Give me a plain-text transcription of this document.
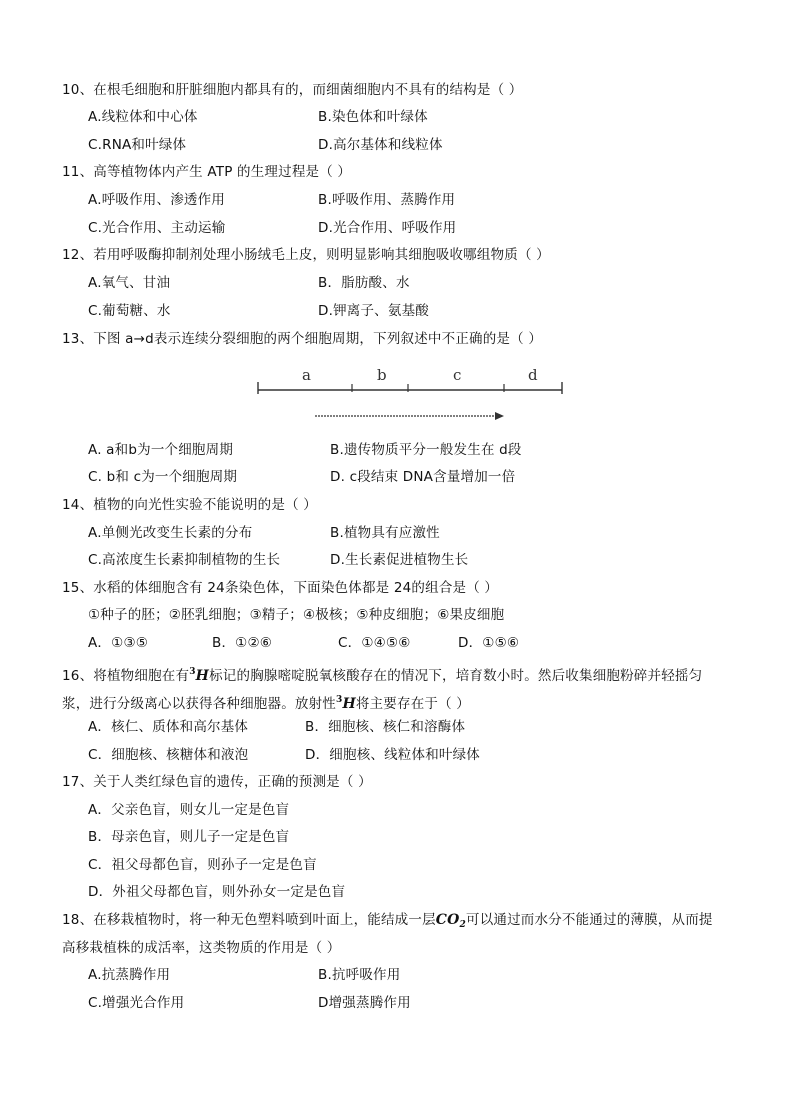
10、在根毛细胞和肝脏细胞内都具有的，而细菌细胞内不具有的结构是（ ）
A.线粒体和中心体	B.染色体和叶绿体
C.RNA和叶绿体	D.高尔基体和线粒体
11、高等植物体内产生 ATP 的生理过程是（ ）
A.呼吸作用、渗透作用	B.呼吸作用、蒸腾作用
C.光合作用、主动运输	D.光合作用、呼吸作用
12、若用呼吸酶抑制剂处理小肠绒毛上皮，则明显影响其细胞吸收哪组物质（ ）
A.氧气、甘油	B．脂肪酸、水
C.葡萄糖、水	D.钾离子、氨基酸
13、下图 a→d表示连续分裂细胞的两个细胞周期，下列叙述中不正确的是（ ）
a	b	c	d
A. a和b为一个细胞周期	B.遗传物质平分一般发生在 d段
C. b和 c为一个细胞周期	D. c段结束 DNA含量增加一倍
14、植物的向光性实验不能说明的是（ ）
A.单侧光改变生长素的分布	B.植物具有应激性
C.高浓度生长素抑制植物的生长	D.生长素促进植物生长
15、水稻的体细胞含有 24条染色体，下面染色体都是 24的组合是（ ）
①种子的胚；②胚乳细胞；③精子；④极核；⑤种皮细胞；⑥果皮细胞
A．①③⑤	B．①②⑥	C．①④⑤⑥	D．①⑤⑥
16、将植物细胞在有$^3$H标记的胸腺嘧啶脱氧核酸存在的情况下，培育数小时。然后收集细胞粉碎并轻摇匀
浆，进行分级离心以获得各种细胞器。放射性$^3$H将主要存在于（ ）
A．核仁、质体和高尔基体	B．细胞核、核仁和溶酶体
C．细胞核、核糖体和液泡	D．细胞核、线粒体和叶绿体
17、关于人类红绿色盲的遗传，正确的预测是（ ）
A．父亲色盲，则女儿一定是色盲
B．母亲色盲，则儿子一定是色盲
C．祖父母都色盲，则孙子一定是色盲
D．外祖父母都色盲，则外孙女一定是色盲
18、在移栽植物时，将一种无色塑料喷到叶面上，能结成一层$CO_2$可以通过而水分不能通过的薄膜，从而提
高移栽植株的成活率，这类物质的作用是（ ）
A.抗蒸腾作用	B.抗呼吸作用
C.增强光合作用	D增强蒸腾作用
